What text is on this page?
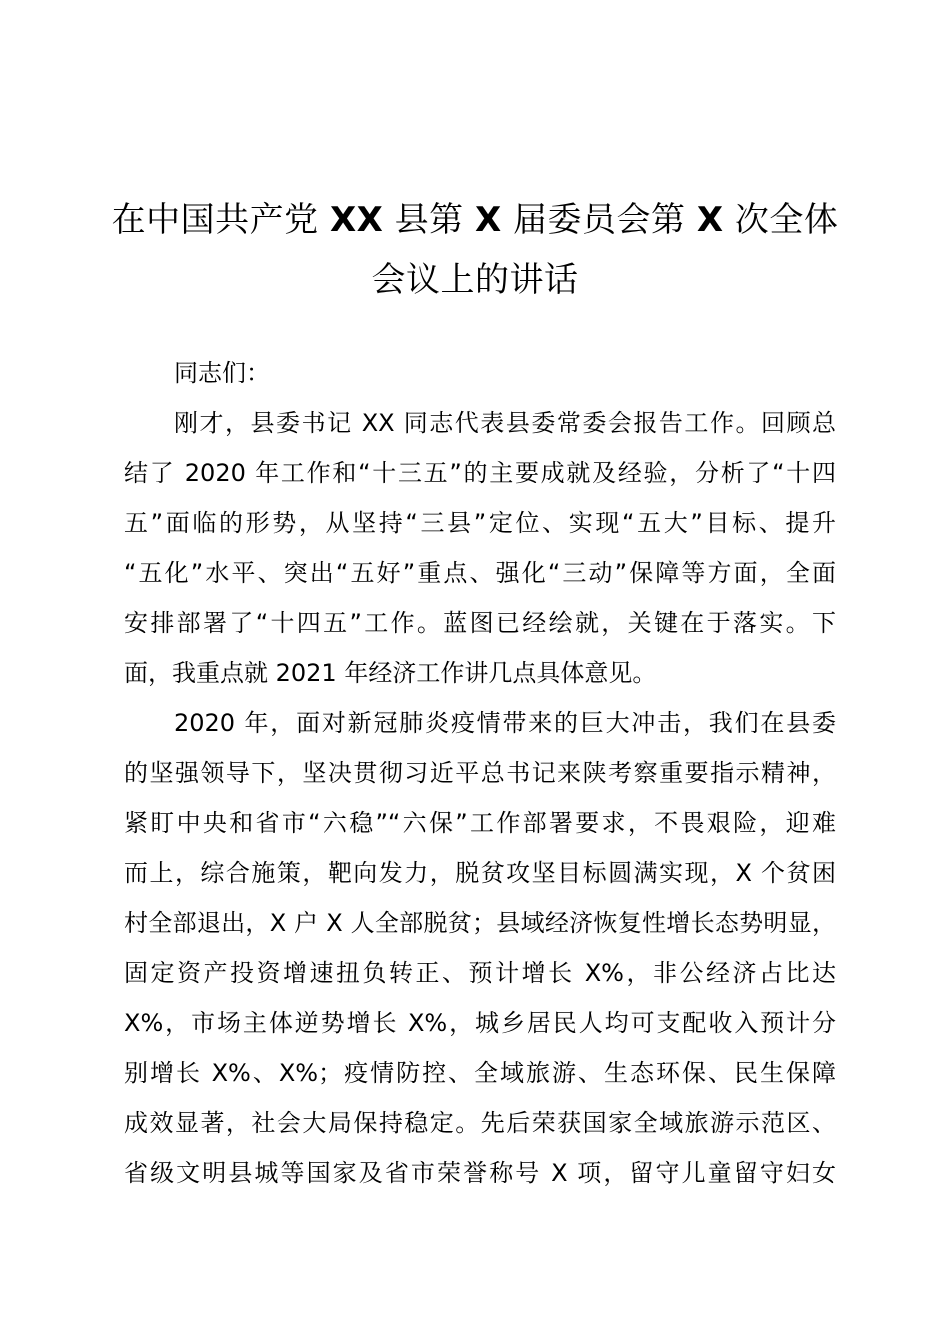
在中国共产党 XX 县第 X 届委员会第 X 次全体
会议上的讲话
同志们：
刚才，县委书记 XX 同志代表县委常委会报告工作。回顾总
结了 2020 年工作和“十三五”的主要成就及经验，分析了“十四
五”面临的形势，从坚持“三县”定位、实现“五大”目标、提升
“五化”水平、突出“五好”重点、强化“三动”保障等方面，全面
安排部署了“十四五”工作。蓝图已经绘就，关键在于落实。下
面，我重点就 2021 年经济工作讲几点具体意见。
2020 年，面对新冠肺炎疫情带来的巨大冲击，我们在县委
的坚强领导下，坚决贯彻习近平总书记来陕考察重要指示精神，
紧盯中央和省市“六稳”“六保”工作部署要求，不畏艰险，迎难
而上，综合施策，靶向发力，脱贫攻坚目标圆满实现，X 个贫困
村全部退出，X 户 X 人全部脱贫；县域经济恢复性增长态势明显，
固定资产投资增速扭负转正、预计增长 X%，非公经济占比达
X%，市场主体逆势增长 X%，城乡居民人均可支配收入预计分
别增长 X%、X%；疫情防控、全域旅游、生态环保、民生保障
成效显著，社会大局保持稳定。先后荣获国家全域旅游示范区、
省级文明县城等国家及省市荣誉称号 X 项，留守儿童留守妇女
